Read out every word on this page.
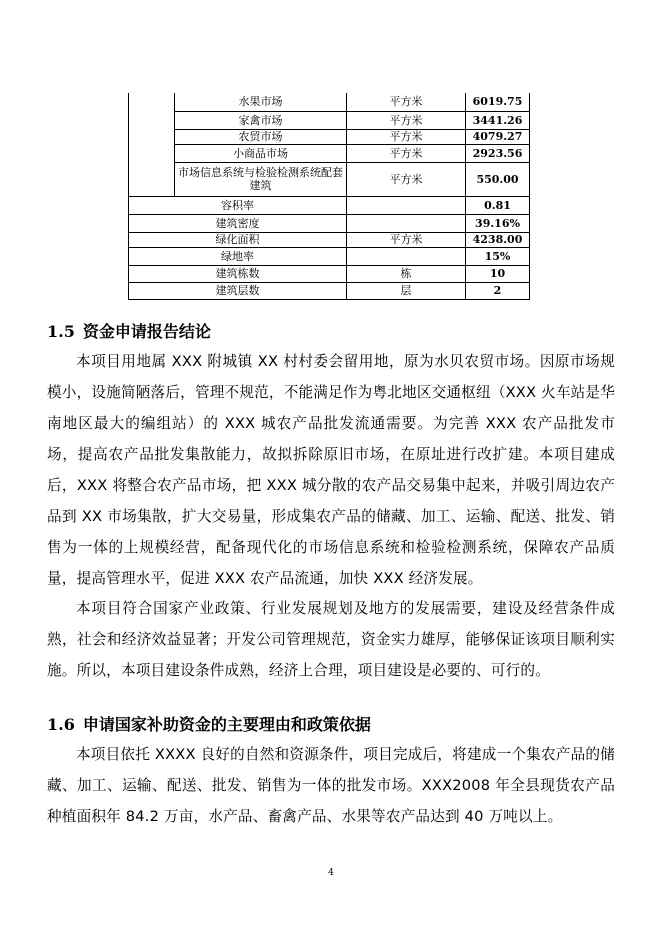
	水果市场	平方米	6019.75
	家禽市场	平方米	3441.26
	农贸市场	平方米	4079.27
	小商品市场	平方米	2923.56
	市场信息系统与检验检测系统配套建筑	平方米	550.00
容积率			0.81
建筑密度			39.16%
绿化面积		平方米	4238.00
绿地率			15%
建筑栋数		栋	10
建筑层数		层	2
1.5 资金申请报告结论

本项目用地属 XXX 附城镇 XX 村村委会留用地，原为水贝农贸市场。因原市场规模小，设施简陋落后，管理不规范，不能满足作为粤北地区交通枢纽（XXX 火车站是华南地区最大的编组站）的 XXX 城农产品批发流通需要。为完善 XXX 农产品批发市场，提高农产品批发集散能力，故拟拆除原旧市场，在原址进行改扩建。本项目建成后，XXX 将整合农产品市场，把 XXX 城分散的农产品交易集中起来，并吸引周边农产品到 XX 市场集散，扩大交易量，形成集农产品的储藏、加工、运输、配送、批发、销售为一体的上规模经营，配备现代化的市场信息系统和检验检测系统，保障农产品质量，提高管理水平，促进 XXX 农产品流通，加快 XXX 经济发展。

本项目符合国家产业政策、行业发展规划及地方的发展需要，建设及经营条件成熟，社会和经济效益显著；开发公司管理规范，资金实力雄厚，能够保证该项目顺利实施。所以，本项目建设条件成熟，经济上合理，项目建设是必要的、可行的。

1.6 申请国家补助资金的主要理由和政策依据

本项目依托 XXXX 良好的自然和资源条件，项目完成后，将建成一个集农产品的储藏、加工、运输、配送、批发、销售为一体的批发市场。XXX2008 年全县现货农产品种植面积年 84.2 万亩，水产品、畜禽产品、水果等农产品达到 40 万吨以上。

4
